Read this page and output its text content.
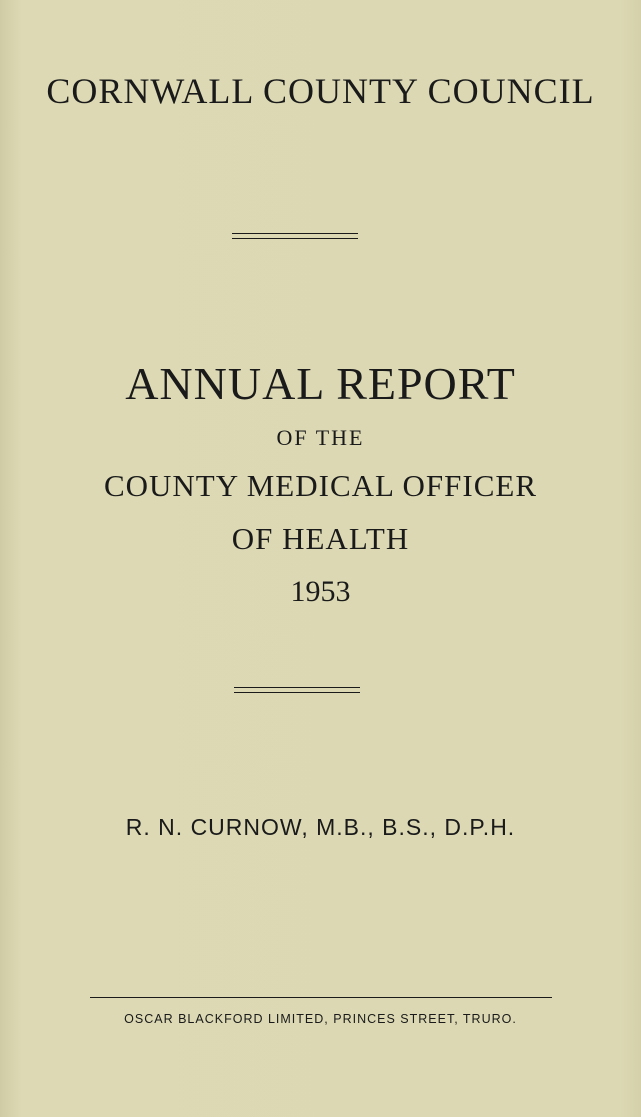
CORNWALL COUNTY COUNCIL
ANNUAL REPORT
OF THE
COUNTY MEDICAL OFFICER
OF HEALTH
1953
R. N. CURNOW, M.B., B.S., D.P.H.
OSCAR BLACKFORD LIMITED, PRINCES STREET, TRURO.
